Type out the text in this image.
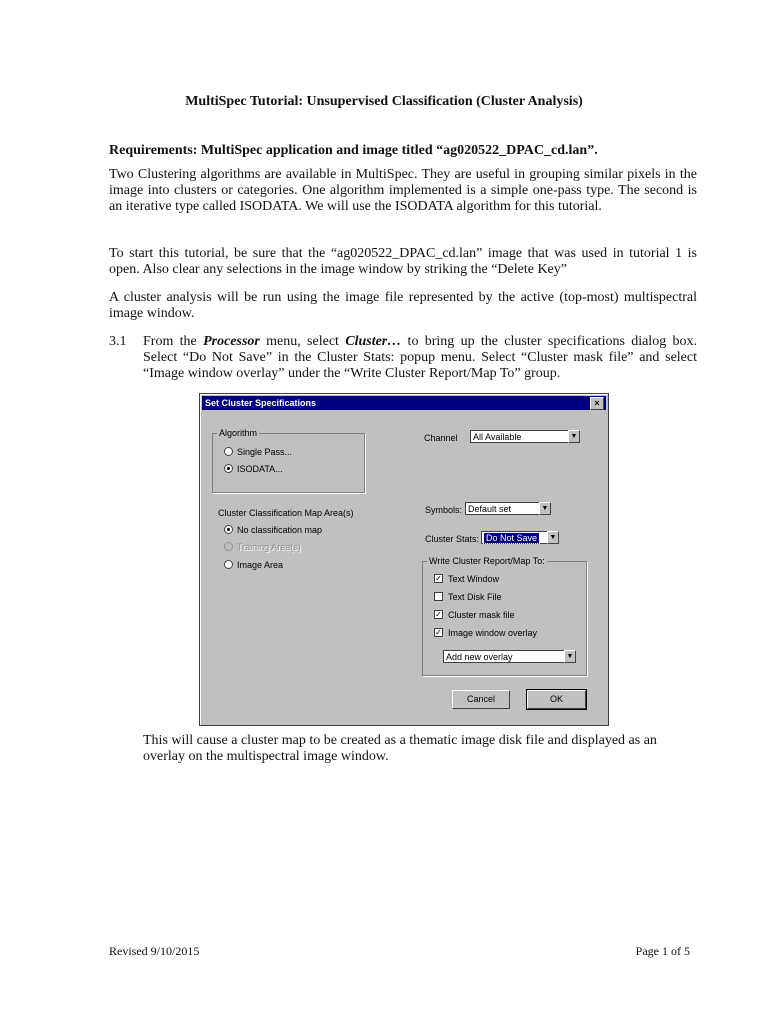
MultiSpec Tutorial: Unsupervised Classification (Cluster Analysis)
Requirements: MultiSpec application and image titled “ag020522_DPAC_cd.lan”.
Two Clustering algorithms are available in MultiSpec. They are useful in grouping similar pixels in the image into clusters or categories. One algorithm implemented is a simple one-pass type. The second is an iterative type called ISODATA. We will use the ISODATA algorithm for this tutorial.
To start this tutorial, be sure that the “ag020522_DPAC_cd.lan” image that was used in tutorial 1 is open. Also clear any selections in the image window by striking the “Delete Key”
A cluster analysis will be run using the image file represented by the active (top-most) multispectral image window.
3.1 From the Processor menu, select Cluster… to bring up the cluster specifications dialog box. Select “Do Not Save” in the Cluster Stats: popup menu. Select “Cluster mask file” and select “Image window overlay” under the “Write Cluster Report/Map To” group.
Set Cluster Specifications	×
Algorithm
Single Pass...
ISODATA...
Channel All Available	▼
Cluster Classification Map Area(s)
No classification map
Training Area(s)
Image Area
Symbols: Default set	▼
Cluster Stats: Do Not Save	▼
Write Cluster Report/Map To:
✓ Text Window
Text Disk File
✓ Cluster mask file
✓ Image window overlay
Add new overlay	▼
Cancel	OK
This will cause a cluster map to be created as a thematic image disk file and displayed as an overlay on the multispectral image window.
Revised 9/10/2015	Page 1 of 5
